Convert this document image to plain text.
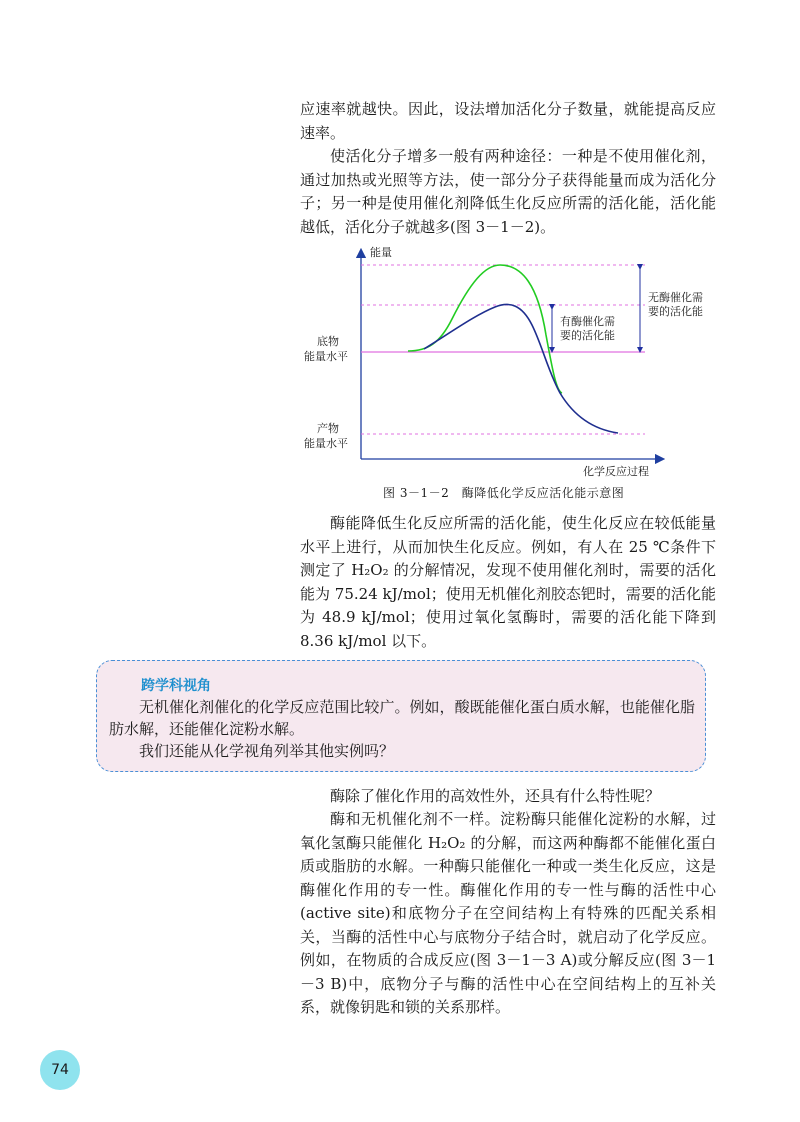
应速率就越快。因此，设法增加活化分子数量，就能提高反应速率。

使活化分子增多一般有两种途径：一种是不使用催化剂，通过加热或光照等方法，使一部分分子获得能量而成为活化分子；另一种是使用催化剂降低生化反应所需的活化能，活化能越低，活化分子就越多(图 3－1－2)。

能量
底物
能量水平
产物
能量水平
有酶催化需
要的活化能
无酶催化需
要的活化能
化学反应过程
图 3－1－2　酶降低化学反应活化能示意图

酶能降低生化反应所需的活化能，使生化反应在较低能量水平上进行，从而加快生化反应。例如，有人在 25 ℃条件下测定了 H₂O₂ 的分解情况，发现不使用催化剂时，需要的活化能为 75.24 kJ/mol；使用无机催化剂胶态钯时，需要的活化能为 48.9 kJ/mol；使用过氧化氢酶时，需要的活化能下降到 8.36 kJ/mol 以下。

跨学科视角

无机催化剂催化的化学反应范围比较广。例如，酸既能催化蛋白质水解，也能催化脂肪水解，还能催化淀粉水解。

我们还能从化学视角列举其他实例吗？

酶除了催化作用的高效性外，还具有什么特性呢？

酶和无机催化剂不一样。淀粉酶只能催化淀粉的水解，过氧化氢酶只能催化 H₂O₂ 的分解，而这两种酶都不能催化蛋白质或脂肪的水解。一种酶只能催化一种或一类生化反应，这是酶催化作用的专一性。酶催化作用的专一性与酶的活性中心(active site)和底物分子在空间结构上有特殊的匹配关系相关，当酶的活性中心与底物分子结合时，就启动了化学反应。例如，在物质的合成反应(图 3－1－3 A)或分解反应(图 3－1－3 B)中，底物分子与酶的活性中心在空间结构上的互补关系，就像钥匙和锁的关系那样。

74
